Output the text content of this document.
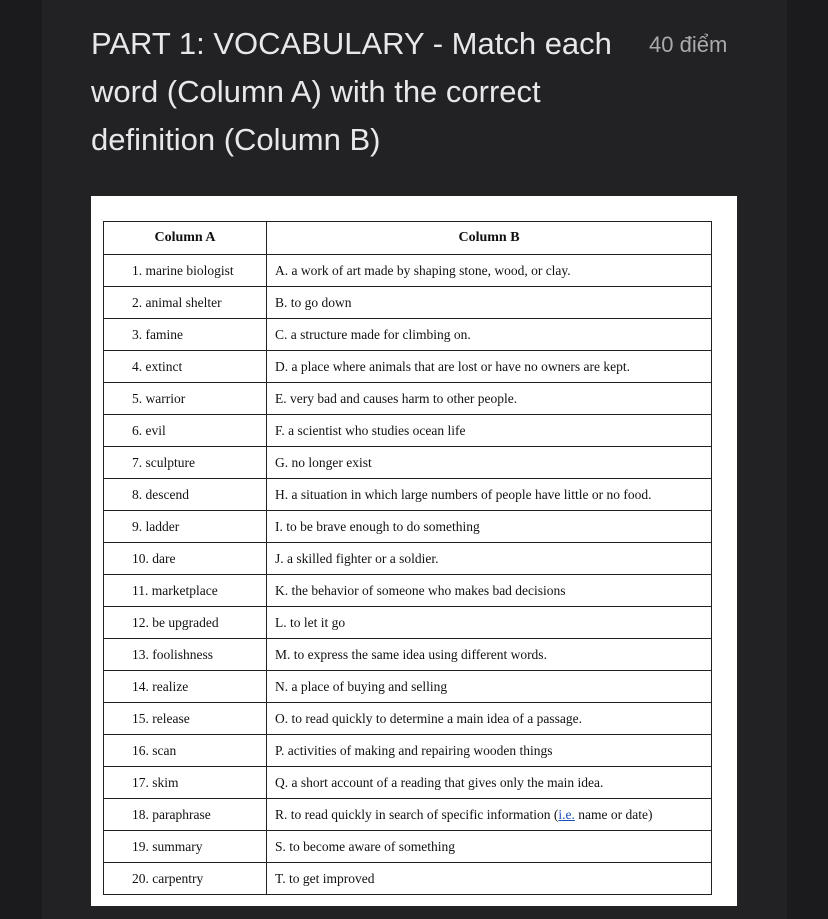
PART 1: VOCABULARY - Match each word (Column A) with the correct definition (Column B)
40 điểm
Column A	Column B
1. marine biologist	A. a work of art made by shaping stone, wood, or clay.
2. animal shelter	B. to go down
3. famine	C. a structure made for climbing on.
4. extinct	D. a place where animals that are lost or have no owners are kept.
5. warrior	E. very bad and causes harm to other people.
6. evil	F. a scientist who studies ocean life
7. sculpture	G. no longer exist
8. descend	H. a situation in which large numbers of people have little or no food.
9. ladder	I. to be brave enough to do something
10. dare	J. a skilled fighter or a soldier.
11. marketplace	K. the behavior of someone who makes bad decisions
12. be upgraded	L. to let it go
13. foolishness	M. to express the same idea using different words.
14. realize	N. a place of buying and selling
15. release	O. to read quickly to determine a main idea of a passage.
16. scan	P. activities of making and repairing wooden things
17. skim	Q. a short account of a reading that gives only the main idea.
18. paraphrase	R. to read quickly in search of specific information (i.e. name or date)
19. summary	S. to become aware of something
20. carpentry	T. to get improved
